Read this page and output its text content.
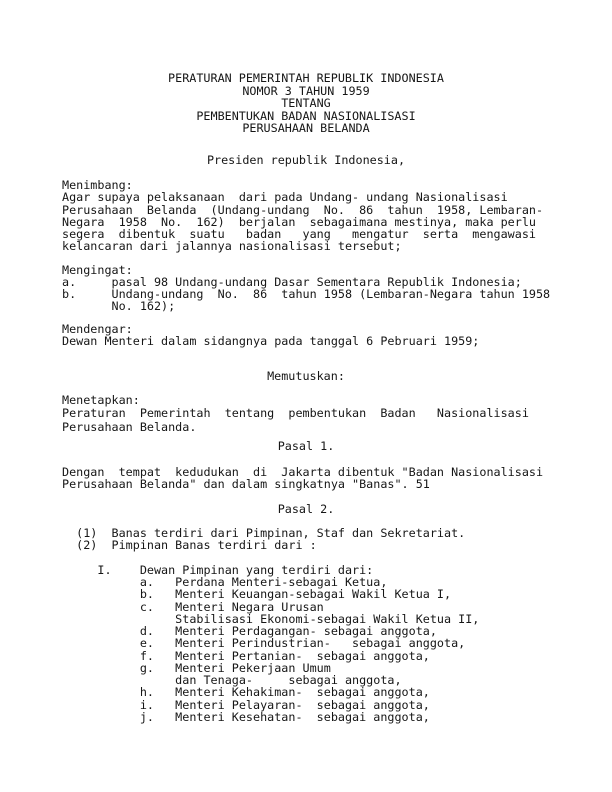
PERATURAN PEMERINTAH REPUBLIK INDONESIA
NOMOR 3 TAHUN 1959
TENTANG
PEMBENTUKAN BADAN NASIONALISASI
PERUSAHAAN BELANDA
Presiden republik Indonesia,
Menimbang:
Agar supaya pelaksanaan  dari pada Undang- undang Nasionalisasi
Perusahaan  Belanda  (Undang-undang  No.  86  tahun  1958, Lembaran-
Negara  1958  No.  162)  berjalan  sebagaimana mestinya, maka perlu
segera  dibentuk  suatu   badan   yang   mengatur  serta  mengawasi
kelancaran dari jalannya nasionalisasi tersebut;
Mengingat:
a.     pasal 98 Undang-undang Dasar Sementara Republik Indonesia;
b.     Undang-undang  No.  86  tahun 1958 (Lembaran-Negara tahun 1958
No. 162);
Mendengar:
Dewan Menteri dalam sidangnya pada tanggal 6 Pebruari 1959;
Memutuskan:
Menetapkan:
Peraturan  Pemerintah  tentang  pembentukan  Badan   Nasionalisasi
Perusahaan Belanda.
Pasal 1.
Dengan  tempat  kedudukan  di  Jakarta dibentuk "Badan Nasionalisasi
Perusahaan Belanda" dan dalam singkatnya "Banas". 51
Pasal 2.
(1)  Banas terdiri dari Pimpinan, Staf dan Sekretariat.
(2)  Pimpinan Banas terdiri dari :

I.    Dewan Pimpinan yang terdiri dari:
a.   Perdana Menteri-sebagai Ketua,
b.   Menteri Keuangan-sebagai Wakil Ketua I,
c.   Menteri Negara Urusan
Stabilisasi Ekonomi-sebagai Wakil Ketua II,
d.   Menteri Perdagangan- sebagai anggota,
e.   Menteri Perindustrian-   sebagai anggota,
f.   Menteri Pertanian-  sebagai anggota,
g.   Menteri Pekerjaan Umum
dan Tenaga-     sebagai anggota,
h.   Menteri Kehakiman-  sebagai anggota,
i.   Menteri Pelayaran-  sebagai anggota,
j.   Menteri Kesehatan-  sebagai anggota,
